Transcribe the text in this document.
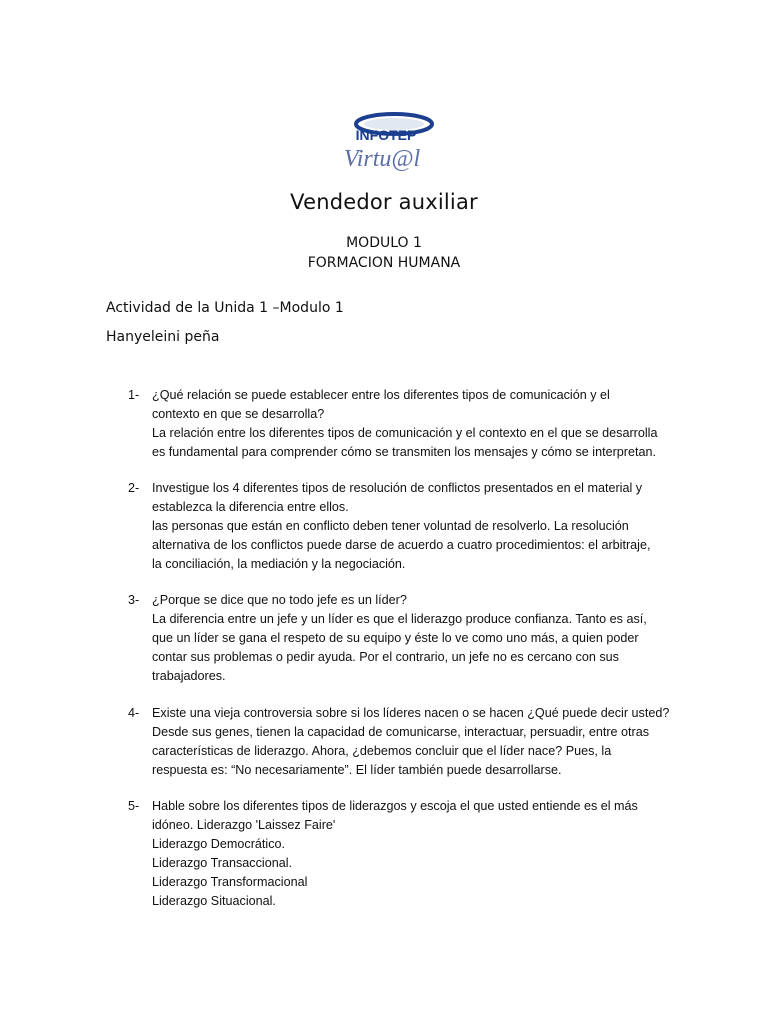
INFOTEP
Virtu@l
Vendedor auxiliar
MODULO 1
FORMACION HUMANA
Actividad de la Unida 1 –Modulo 1
Hanyeleini peña
1- ¿Qué relación se puede establecer entre los diferentes tipos de comunicación y el
contexto en que se desarrolla?
La relación entre los diferentes tipos de comunicación y el contexto en el que se desarrolla
es fundamental para comprender cómo se transmiten los mensajes y cómo se interpretan.
2- Investigue los 4 diferentes tipos de resolución de conflictos presentados en el material y
establezca la diferencia entre ellos.
las personas que están en conflicto deben tener voluntad de resolverlo. La resolución
alternativa de los conflictos puede darse de acuerdo a cuatro procedimientos: el arbitraje,
la conciliación, la mediación y la negociación.
3- ¿Porque se dice que no todo jefe es un líder?
La diferencia entre un jefe y un líder es que el liderazgo produce confianza. Tanto es así,
que un líder se gana el respeto de su equipo y éste lo ve como uno más, a quien poder
contar sus problemas o pedir ayuda. Por el contrario, un jefe no es cercano con sus
trabajadores.
4- Existe una vieja controversia sobre si los líderes nacen o se hacen ¿Qué puede decir usted?
Desde sus genes, tienen la capacidad de comunicarse, interactuar, persuadir, entre otras
características de liderazgo. Ahora, ¿debemos concluir que el líder nace? Pues, la
respuesta es: “No necesariamente”. El líder también puede desarrollarse.
5- Hable sobre los diferentes tipos de liderazgos y escoja el que usted entiende es el más
idóneo. Liderazgo 'Laissez Faire'
Liderazgo Democrático.
Liderazgo Transaccional.
Liderazgo Transformacional
Liderazgo Situacional.
